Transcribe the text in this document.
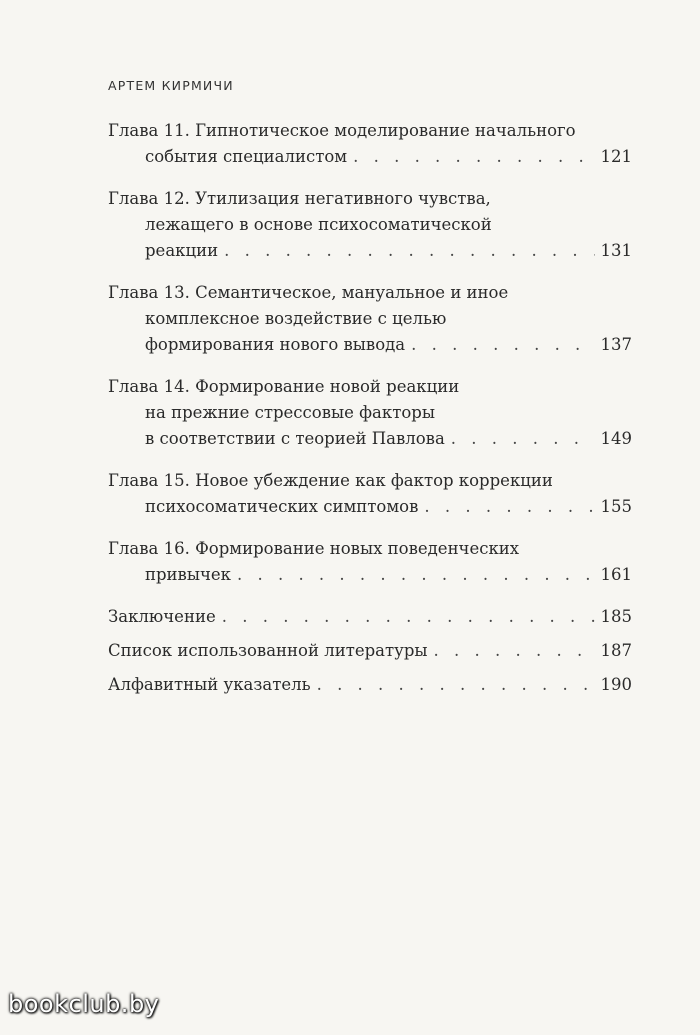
АРТЕМ КИРМИЧИ
Глава 11. Гипнотическое моделирование начального
события специалистом . . .	121
Глава 12. Утилизация негативного чувства,
лежащего в основе психосоматической
реакции . . .	131
Глава 13. Семантическое, мануальное и иное
комплексное воздействие с целью
формирования нового вывода . . .	137
Глава 14. Формирование новой реакции
на прежние стрессовые факторы
в соответствии с теорией Павлова . . .	149
Глава 15. Новое убеждение как фактор коррекции
психосоматических симптомов . . .	155
Глава 16. Формирование новых поведенческих
привычек . . .	161
Заключение . . .	185
Список использованной литературы . . .	187
Алфавитный указатель . . .	190
bookclub.by
